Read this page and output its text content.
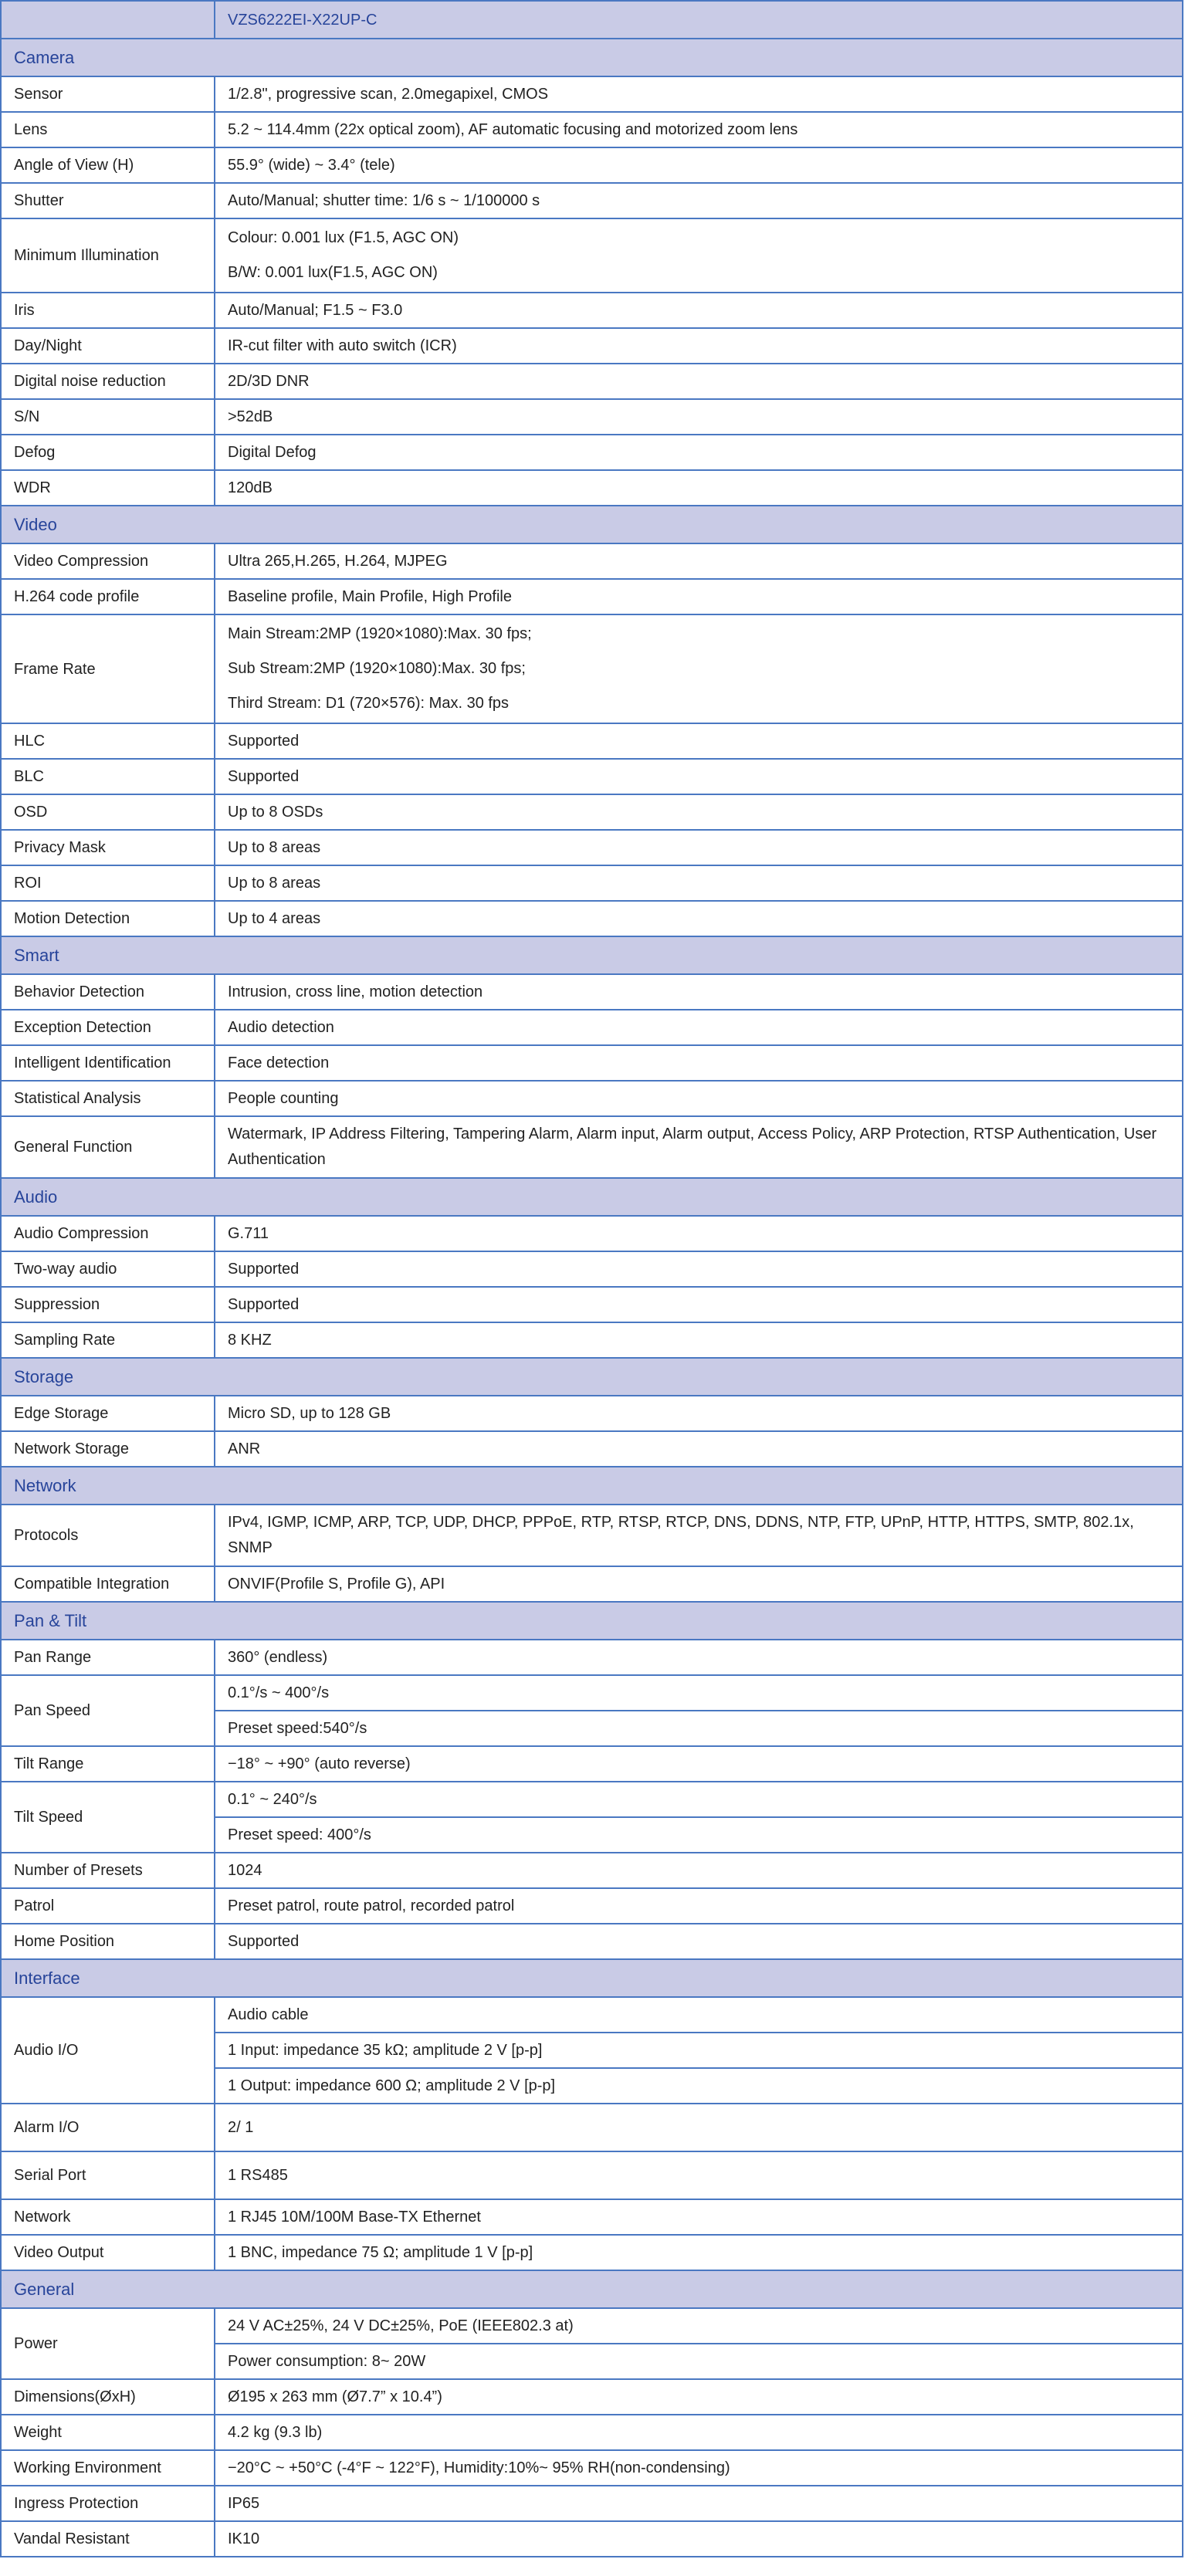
	VZS6222EI-X22UP-C
Camera	
Sensor	1/2.8", progressive scan, 2.0megapixel, CMOS

Lens	5.2 ~ 114.4mm (22x optical zoom), AF automatic focusing and motorized zoom lens

Angle of View (H)	55.9° (wide) ~ 3.4° (tele)

Shutter	Auto/Manual; shutter time: 1/6 s ~ 1/100000 s

Minimum Illumination	Colour: 0.001 lux (F1.5, AGC ON)
B/W: 0.001 lux(F1.5, AGC ON)

Iris	Auto/Manual; F1.5 ~ F3.0

Day/Night	IR-cut filter with auto switch (ICR)

Digital noise reduction	2D/3D DNR

S/N	>52dB

Defog	Digital Defog

WDR	120dB

Video	
Video Compression	Ultra 265,H.265, H.264, MJPEG

H.264 code profile	Baseline profile, Main Profile, High Profile

Frame Rate	Main Stream:2MP (1920×1080):Max. 30 fps;
Sub Stream:2MP (1920×1080):Max. 30 fps;
Third Stream: D1 (720×576): Max. 30 fps

HLC	Supported

BLC	Supported

OSD	Up to 8 OSDs

Privacy Mask	Up to 8 areas

ROI	Up to 8 areas

Motion Detection	Up to 4 areas

Smart	
Behavior Detection	Intrusion, cross line, motion detection

Exception Detection	Audio detection

Intelligent Identification	Face detection

Statistical Analysis	People counting

General Function	Watermark, IP Address Filtering, Tampering Alarm, Alarm input, Alarm output, Access Policy, ARP Protection, RTSP Authentication, User Authentication

Audio	
Audio Compression	G.711

Two-way audio	Supported

Suppression	Supported

Sampling Rate	8 KHZ

Storage	
Edge Storage	Micro SD, up to 128 GB

Network Storage	ANR

Network	
Protocols	IPv4, IGMP, ICMP, ARP, TCP, UDP, DHCP, PPPoE, RTP, RTSP, RTCP, DNS, DDNS, NTP, FTP, UPnP, HTTP, HTTPS, SMTP, 802.1x, SNMP

Compatible Integration	ONVIF(Profile S, Profile G), API

Pan & Tilt	
Pan Range	360° (endless)

Pan Speed	0.1°/s ~ 400°/s
	Preset speed:540°/s
Tilt Range	−18° ~ +90° (auto reverse)

Tilt Speed	0.1° ~ 240°/s
	Preset speed: 400°/s
Number of Presets	1024

Patrol	Preset patrol, route patrol, recorded patrol

Home Position	Supported

Interface	
Audio I/O	Audio cable
	1 Input: impedance 35 kΩ; amplitude 2 V [p-p]
	1 Output: impedance 600 Ω; amplitude 2 V [p-p]
Alarm I/O	2/ 1

Serial Port	1 RS485

Network	1 RJ45 10M/100M Base-TX Ethernet

Video Output	1 BNC, impedance 75 Ω; amplitude 1 V [p-p]

General	
Power	24 V AC±25%, 24 V DC±25%, PoE (IEEE802.3 at)
	Power consumption: 8~ 20W
Dimensions(ØxH)	Ø195 x 263 mm (Ø7.7” x 10.4”)

Weight	4.2 kg (9.3 lb)

Working Environment	−20°C ~ +50°C (-4°F ~ 122°F), Humidity:10%~ 95% RH(non-condensing)

Ingress Protection	IP65

Vandal Resistant	IK10
